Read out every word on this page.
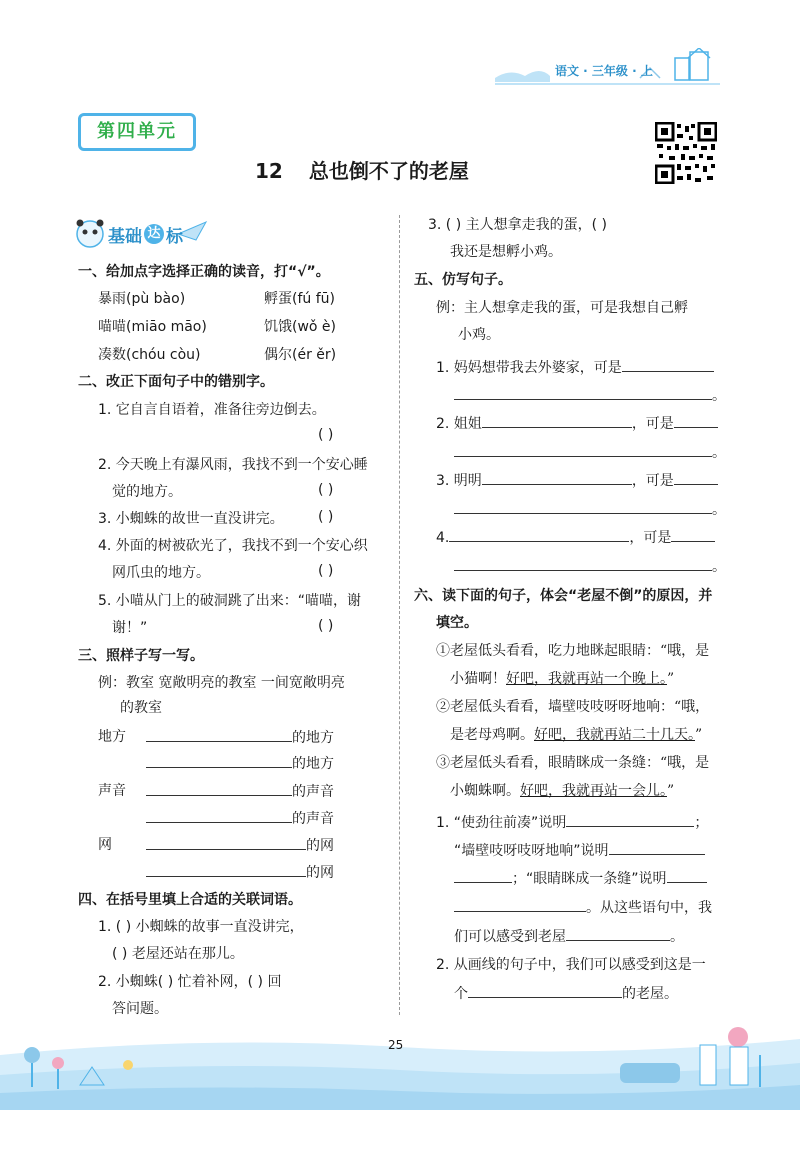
语文 · 三年级 · 上
第四单元
12 总也倒不了的老屋
基础 达 标
一、给加点字选择正确的读音，打“√”。
暴雨(pù bào)	孵蛋(fú fū)
喵喵(miāo māo)	饥饿(wǒ è)
凑数(chóu còu)	偶尔(ér ěr)
二、改正下面句子中的错别字。
1. 它自言自语着，准备往旁边倒去。
( )
2. 今天晚上有瀑风雨，我找不到一个安心睡
觉的地方。	( )
3. 小蜘蛛的故世一直没讲完。 ( )
4. 外面的树被砍光了，我找不到一个安心织
网爪虫的地方。	( )
5. 小喵从门上的破洞跳了出来：“喵喵，谢
谢！”	( )
三、照样子写一写。
例：教室 宽敞明亮的教室 一间宽敞明亮
的教室
地方	的地方
的地方
声音	的声音
的声音
网	的网
的网
四、在括号里填上合适的关联词语。
1. ( ) 小蜘蛛的故事一直没讲完，
( ) 老屋还站在那儿。
2. 小蜘蛛( ) 忙着补网，( ) 回
答问题。
3. ( ) 主人想拿走我的蛋，( )
我还是想孵小鸡。
五、仿写句子。
例：主人想拿走我的蛋，可是我想自己孵
小鸡。
1. 妈妈想带我去外婆家，可是
。
2. 姐姐	，可是
。
3. 明明	，可是
。
4.	，可是
。
六、读下面的句子，体会“老屋不倒”的原因，并
填空。
①老屋低头看看，吃力地眯起眼睛：“哦，是
小猫啊！好吧，我就再站一个晚上。”
②老屋低头看看，墙壁吱吱呀呀地响：“哦，
是老母鸡啊。好吧，我就再站二十几天。”
③老屋低头看看，眼睛眯成一条缝：“哦，是
小蜘蛛啊。好吧，我就再站一会儿。”
1. “使劲往前凑”说明	；
“墙壁吱呀吱呀地响”说明
；“眼睛眯成一条缝”说明
。从这些语句中，我
们可以感受到老屋	。
2. 从画线的句子中，我们可以感受到这是一
个	的老屋。
25
